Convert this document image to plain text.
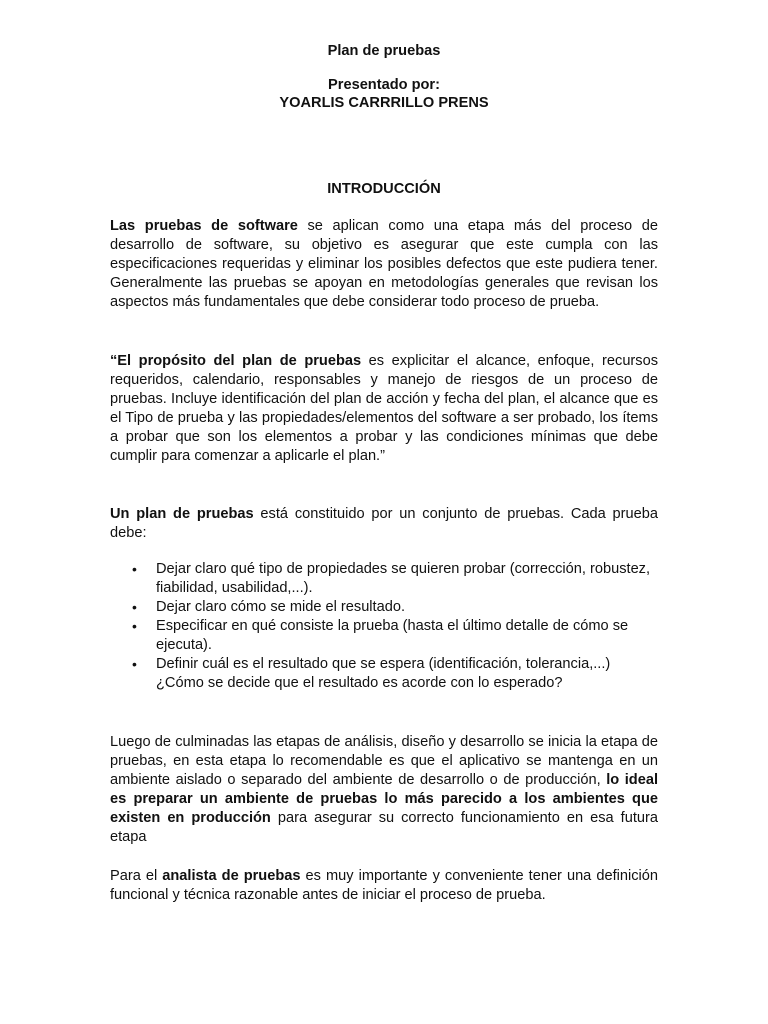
Plan de pruebas

Presentado por:

YOARLIS CARRRILLO PRENS

INTRODUCCIÓN

Las pruebas de software se aplican como una etapa más del proceso de desarrollo de software, su objetivo es asegurar que este cumpla con las especificaciones requeridas y eliminar los posibles defectos que este pudiera tener. Generalmente las pruebas se apoyan en metodologías generales que revisan los aspectos más fundamentales que debe considerar todo proceso de prueba.

“El propósito del plan de pruebas es explicitar el alcance, enfoque, recursos requeridos, calendario, responsables y manejo de riesgos de un proceso de pruebas. Incluye identificación del plan de acción y fecha del plan, el alcance que es el Tipo de prueba y las propiedades/elementos del software a ser probado, los ítems a probar que son los elementos a probar y las condiciones mínimas que debe cumplir para comenzar a aplicarle el plan.”

Un plan de pruebas está constituido por un conjunto de pruebas. Cada prueba debe:

• Dejar claro qué tipo de propiedades se quieren probar (corrección, robustez, fiabilidad, usabilidad,...).
• Dejar claro cómo se mide el resultado.
• Especificar en qué consiste la prueba (hasta el último detalle de cómo se ejecuta).
• Definir cuál es el resultado que se espera (identificación, tolerancia,...) ¿Cómo se decide que el resultado es acorde con lo esperado?

Luego de culminadas las etapas de análisis, diseño y desarrollo se inicia la etapa de pruebas, en esta etapa lo recomendable es que el aplicativo se mantenga en un ambiente aislado o separado del ambiente de desarrollo o de producción, lo ideal es preparar un ambiente de pruebas lo más parecido a los ambientes que existen en producción para asegurar su correcto funcionamiento en esa futura etapa

Para el analista de pruebas es muy importante y conveniente tener una definición funcional y técnica razonable antes de iniciar el proceso de prueba.
